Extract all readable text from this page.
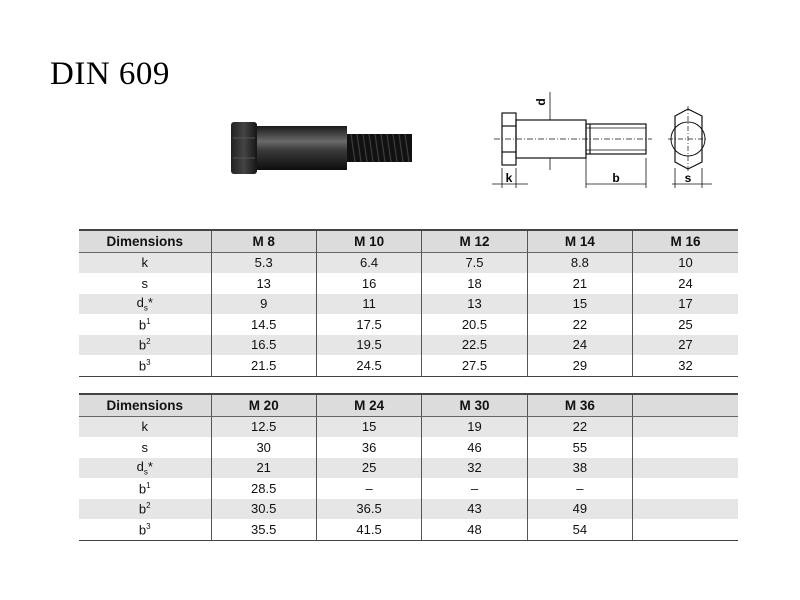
DIN 609
k	b	s
d
Dimensions	M 8	M 10	M 12	M 14	M 16
k	5.3	6.4	7.5	8.8	10
s	13	16	18	21	24
$d_s*$	9	11	13	15	17
$b^1$	14.5	17.5	20.5	22	25
$b^2$	16.5	19.5	22.5	24	27
$b^3$	21.5	24.5	27.5	29	32
Dimensions	M 20	M 24	M 30	M 36	
k	12.5	15	19	22	
s	30	36	46	55	
$d_s*$	21	25	32	38	
$b^1$	28.5	–	–	–	
$b^2$	30.5	36.5	43	49	
$b^3$	35.5	41.5	48	54	
